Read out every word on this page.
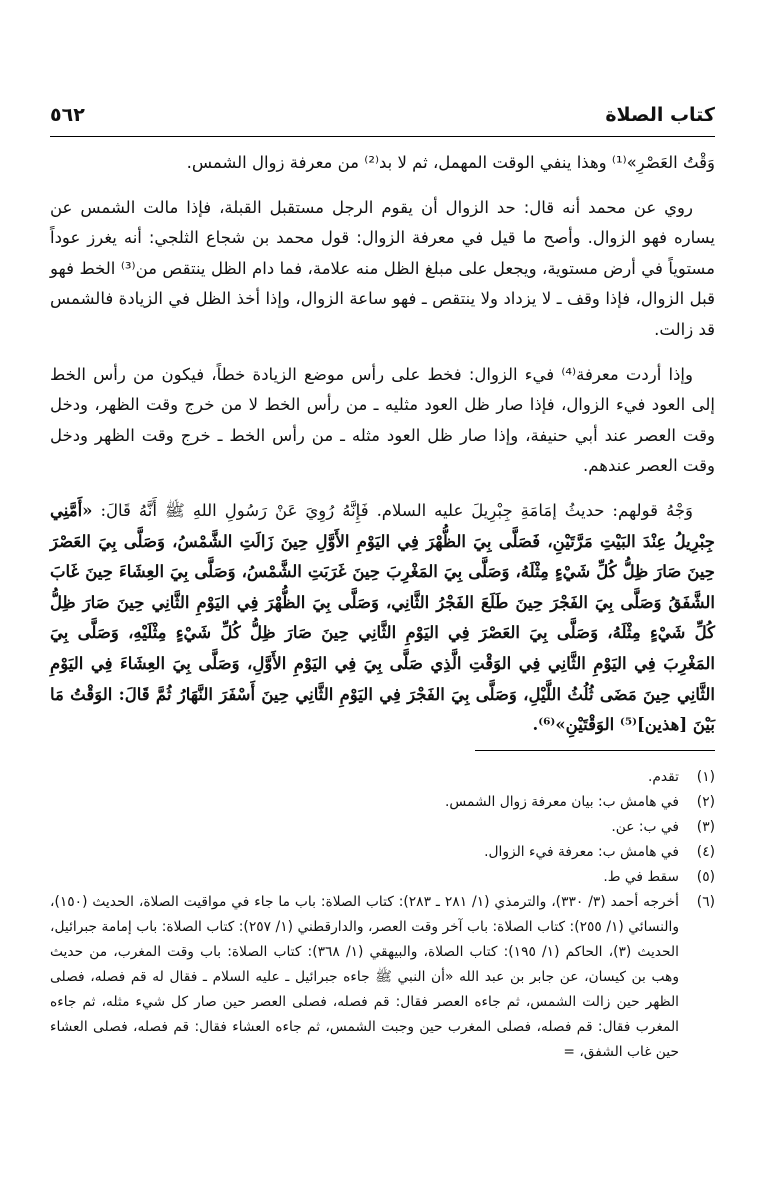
كتاب الصلاة
٥٦٢

وَقْتُ العَصْرِ»⁽¹⁾ وهذا ينفي الوقت المهمل، ثم لا بد⁽²⁾ من معرفة زوال الشمس.

روي عن محمد أنه قال: حد الزوال أن يقوم الرجل مستقبل القبلة، فإذا مالت الشمس عن يساره فهو الزوال. وأصح ما قيل في معرفة الزوال: قول محمد بن شجاع الثلجي: أنه يغرز عوداً مستوياً في أرض مستوية، ويجعل على مبلغ الظل منه علامة، فما دام الظل ينتقص من⁽³⁾ الخط فهو قبل الزوال، فإذا وقف ـ لا يزداد ولا ينتقص ـ فهو ساعة الزوال، وإذا أخذ الظل في الزيادة فالشمس قد زالت.

وإذا أردت معرفة⁽⁴⁾ فيء الزوال: فخط على رأس موضع الزيادة خطاً، فيكون من رأس الخط إلى العود فيء الزوال، فإذا صار ظل العود مثليه ـ من رأس الخط لا من خرج وقت الظهر، ودخل وقت العصر عند أبي حنيفة، وإذا صار ظل العود مثله ـ من رأس الخط ـ خرج وقت الظهر ودخل وقت العصر عندهم.

وَجْهُ قولهم: حديثُ إمَامَةِ جِبْرِيلَ عليه السلام. فَإِنَّهُ رُوِيَ عَنْ رَسُولِ اللهِ ﷺ أَنَّهُ قَالَ: «أَمَّنِي جِبْرِيلُ عِنْدَ البَيْتِ مَرَّتَيْنِ، فَصَلَّى بِيَ الظُّهْرَ فِي اليَوْمِ الأَوَّلِ حِينَ زَالَتِ الشَّمْسُ، وَصَلَّى بِيَ العَصْرَ حِينَ صَارَ ظِلُّ كُلِّ شَيْءٍ مِثْلَهُ، وَصَلَّى بِيَ المَغْرِبَ حِينَ غَرَبَتِ الشَّمْسُ، وَصَلَّى بِيَ العِشَاءَ حِينَ غَابَ الشَّفَقُ وَصَلَّى بِيَ الفَجْرَ حِينَ طَلَعَ الفَجْرُ الثَّانِي، وَصَلَّى بِيَ الظُّهْرَ فِي اليَوْمِ الثَّانِي حِينَ صَارَ ظِلُّ كُلِّ شَيْءٍ مِثْلَهُ، وَصَلَّى بِيَ العَصْرَ فِي اليَوْمِ الثَّانِي حِينَ صَارَ ظِلُّ كُلِّ شَيْءٍ مِثْلَيْهِ، وَصَلَّى بِيَ المَغْرِبَ فِي اليَوْمِ الثَّانِي فِي الوَقْتِ الَّذِي صَلَّى بِيَ فِي اليَوْمِ الأَوَّلِ، وَصَلَّى بِيَ العِشَاءَ فِي اليَوْمِ الثَّانِي حِينَ مَضَى ثُلُثُ اللَّيْلِ، وَصَلَّى بِيَ الفَجْرَ فِي اليَوْمِ الثَّانِي حِينَ أَسْفَرَ النَّهَارُ ثُمَّ قَالَ: الوَقْتُ مَا بَيْنَ [هذين]⁽⁵⁾ الوَقْتَيْنِ»⁽⁶⁾.

(١)
تقدم.
(٢)
في هامش ب: بيان معرفة زوال الشمس.
(٣)
في ب: عن.
(٤)
في هامش ب: معرفة فيء الزوال.
(٥)
سقط في ط.
(٦)
أخرجه أحمد (٣/ ٣٣٠)، والترمذي (١/ ٢٨١ ـ ٢٨٣): كتاب الصلاة: باب ما جاء في مواقيت الصلاة، الحديث (١٥٠)، والنسائي (١/ ٢٥٥): كتاب الصلاة: باب آخر وقت العصر، والدارقطني (١/ ٢٥٧): كتاب الصلاة: باب إمامة جبرائيل، الحديث (٣)، الحاكم (١/ ١٩٥): كتاب الصلاة، والبيهقي (١/ ٣٦٨): كتاب الصلاة: باب وقت المغرب، من حديث وهب بن كيسان، عن جابر بن عبد الله «أن النبي ﷺ جاءه جبرائيل ـ عليه السلام ـ فقال له قم فصله، فصلى الظهر حين زالت الشمس، ثم جاءه العصر فقال: قم فصله، فصلى العصر حين صار كل شيء مثله، ثم جاءه المغرب فقال: قم فصله، فصلى المغرب حين وجبت الشمس، ثم جاءه العشاء فقال: قم فصله، فصلى العشاء حين غاب الشفق، =
